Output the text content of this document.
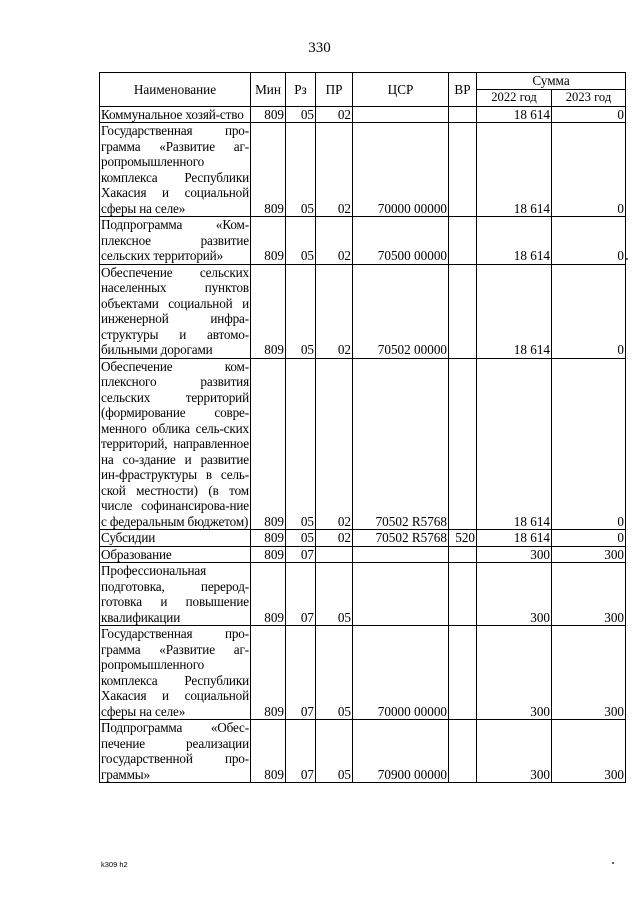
330
Наименование	Мин	Рз	ПР	ЦСР	ВР	Сумма	
						2022 год	2023 год
Коммунальное хозяй-ство	809	05	02			18 614	0
Государственная про-грамма «Развитие аг-ропромышленного комплекса Республики Хакасия и социальной сферы на селе»	809	05	02	70000 00000		18 614	0
Подпрограмма «Ком-плексное развитие сельских территорий»	809	05	02	70500 00000		18 614	0
Обеспечение сельских населенных пунктов объектами социальной и инженерной инфра-структуры и автомо-бильными дорогами	809	05	02	70502 00000		18 614	0
Обеспечение ком-плексного развития сельских территорий (формирование совре-менного облика сель-ских территорий, направленное на со-здание и развитие ин-фраструктуры в сель-ской местности) (в том числе софинансирова-ние с федеральным бюджетом)	809	05	02	70502 R5768		18 614	0
Субсидии	809	05	02	70502 R5768	520	18 614	0
Образование	809	07				300	300
Профессиональная подготовка, переpод-готовка и повышение квалификации	809	07	05			300	300
Государственная про-грамма «Развитие аг-ропромышленного комплекса Республики Хакасия и социальной сферы на селе»	809	07	05	70000 00000		300	300
Подпрограмма «Обес-печение реализации государственной про-граммы»	809	07	05	70900 00000		300	300
k309 h2
